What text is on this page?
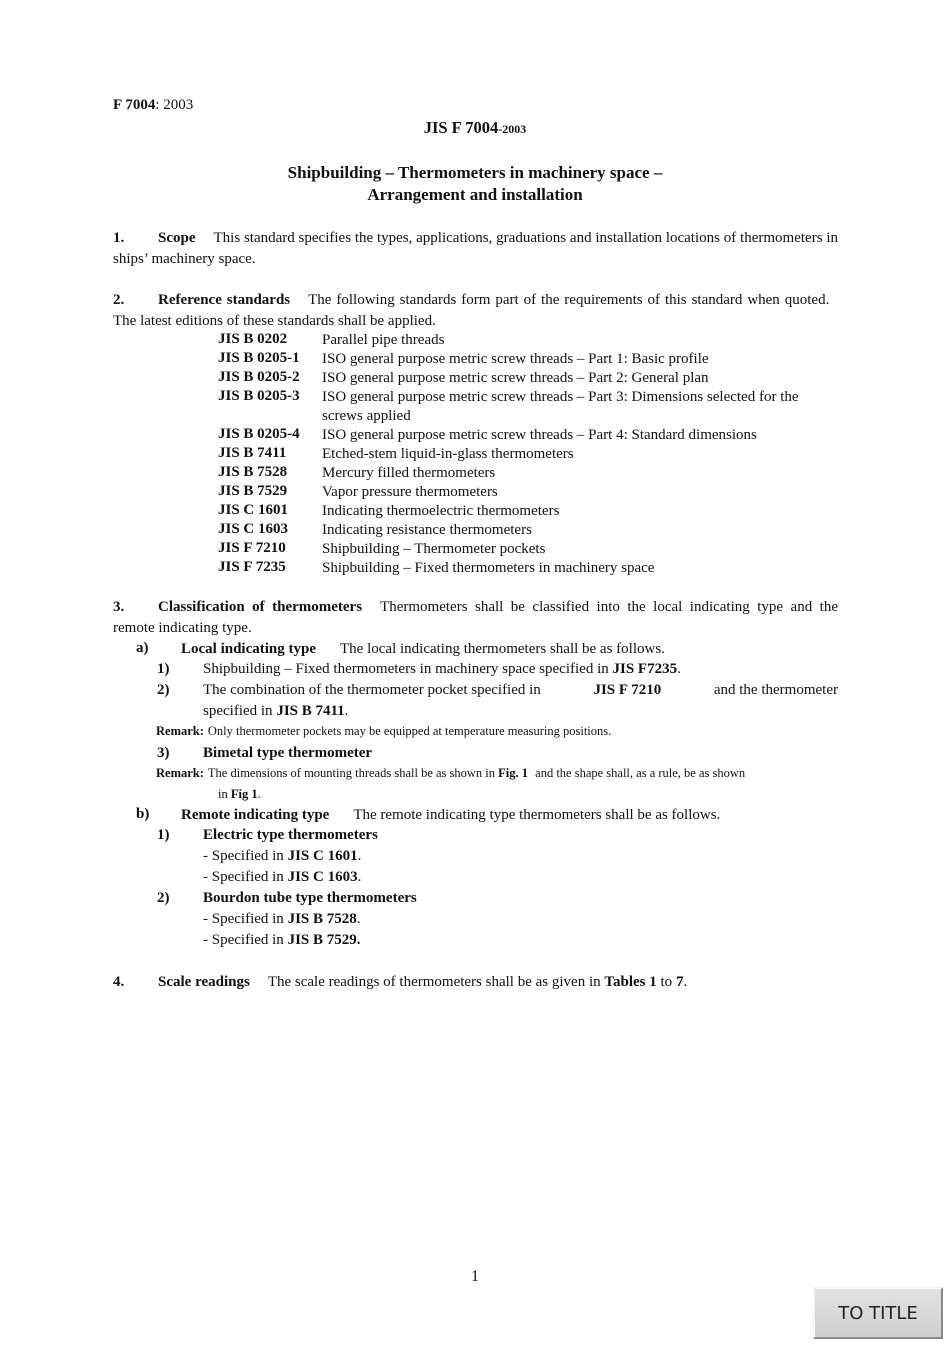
F 7004: 2003
JIS F 7004-2003
Shipbuilding – Thermometers in machinery space –
Arrangement and installation
1. Scope This standard specifies the types, applications, graduations and installation locations of thermometers in ships’ machinery space.
2. Reference standards The following standards form part of the requirements of this standard when quoted.   The latest editions of these standards shall be applied.
JIS B 0202 Parallel pipe threads
JIS B 0205-1 ISO general purpose metric screw threads – Part 1: Basic profile
JIS B 0205-2 ISO general purpose metric screw threads – Part 2: General plan
JIS B 0205-3 ISO general purpose metric screw threads – Part 3: Dimensions selected for the screws applied
JIS B 0205-4 ISO general purpose metric screw threads – Part 4: Standard dimensions
JIS B 7411 Etched-stem liquid-in-glass thermometers
JIS B 7528 Mercury filled thermometers
JIS B 7529 Vapor pressure thermometers
JIS C 1601 Indicating thermoelectric thermometers
JIS C 1603 Indicating resistance thermometers
JIS F 7210 Shipbuilding – Thermometer pockets
JIS F 7235 Shipbuilding – Fixed thermometers in machinery space
3. Classification of thermometers Thermometers shall be classified into the local indicating type and the remote indicating type.
a) Local indicating type The local indicating thermometers shall be as follows.
1) Shipbuilding – Fixed thermometers in machinery space specified in JIS F7235.
2) The combination of the thermometer pocket specified in	JIS F 7210	and the thermometer
specified in JIS B 7411.
Remark: Only thermometer pockets may be equipped at temperature measuring positions.
3) Bimetal type thermometer
Remark: The dimensions of mounting threads shall be as shown in Fig. 1 and the shape shall, as a rule, be as shown
in Fig 1.
b) Remote indicating type The remote indicating type thermometers shall be as follows.
1) Electric type thermometers
- Specified in JIS C 1601.
- Specified in JIS C 1603.
2) Bourdon tube type thermometers
- Specified in JIS B 7528.
- Specified in JIS B 7529.
4. Scale readings The scale readings of thermometers shall be as given in Tables 1 to 7.
1
TO TITLE
